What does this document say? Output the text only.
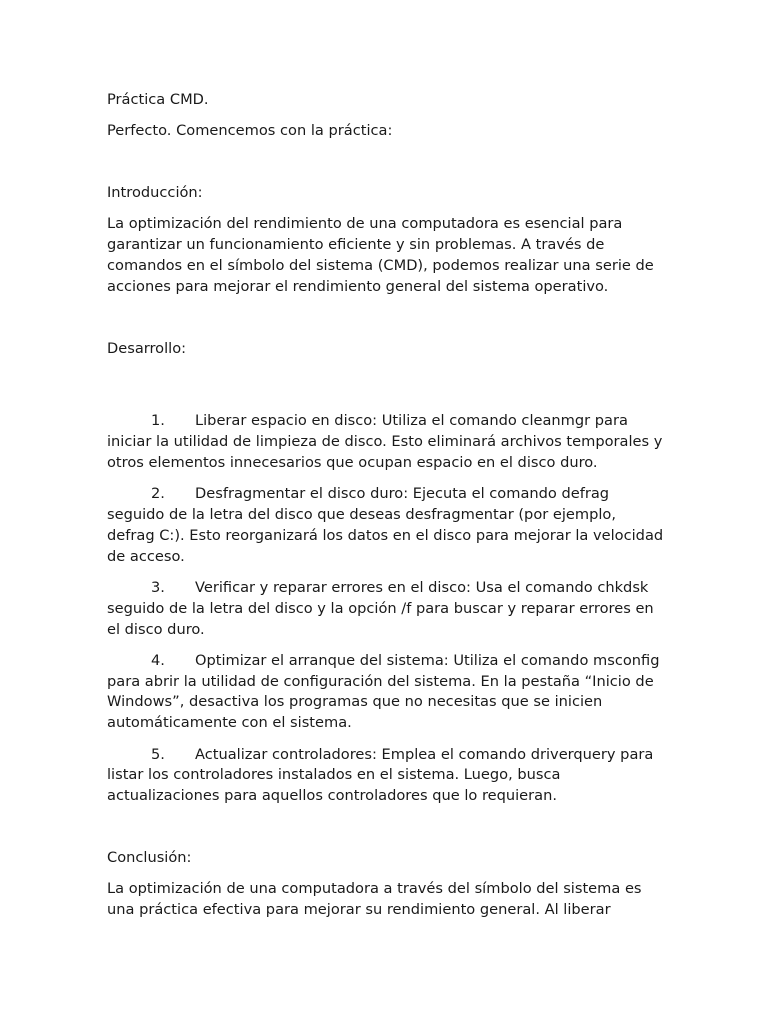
Práctica CMD.

Perfecto. Comencemos con la práctica:

Introducción:

La optimización del rendimiento de una computadora es esencial para garantizar un funcionamiento eficiente y sin problemas. A través de comandos en el símbolo del sistema (CMD), podemos realizar una serie de acciones para mejorar el rendimiento general del sistema operativo.

Desarrollo:

1. Liberar espacio en disco: Utiliza el comando cleanmgr para iniciar la utilidad de limpieza de disco. Esto eliminará archivos temporales y otros elementos innecesarios que ocupan espacio en el disco duro.

2. Desfragmentar el disco duro: Ejecuta el comando defrag seguido de la letra del disco que deseas desfragmentar (por ejemplo, defrag C:). Esto reorganizará los datos en el disco para mejorar la velocidad de acceso.

3. Verificar y reparar errores en el disco: Usa el comando chkdsk seguido de la letra del disco y la opción /f para buscar y reparar errores en el disco duro.

4. Optimizar el arranque del sistema: Utiliza el comando msconfig para abrir la utilidad de configuración del sistema. En la pestaña “Inicio de Windows”, desactiva los programas que no necesitas que se inicien automáticamente con el sistema.

5. Actualizar controladores: Emplea el comando driverquery para listar los controladores instalados en el sistema. Luego, busca actualizaciones para aquellos controladores que lo requieran.

Conclusión:

La optimización de una computadora a través del símbolo del sistema es una práctica efectiva para mejorar su rendimiento general. Al liberar
